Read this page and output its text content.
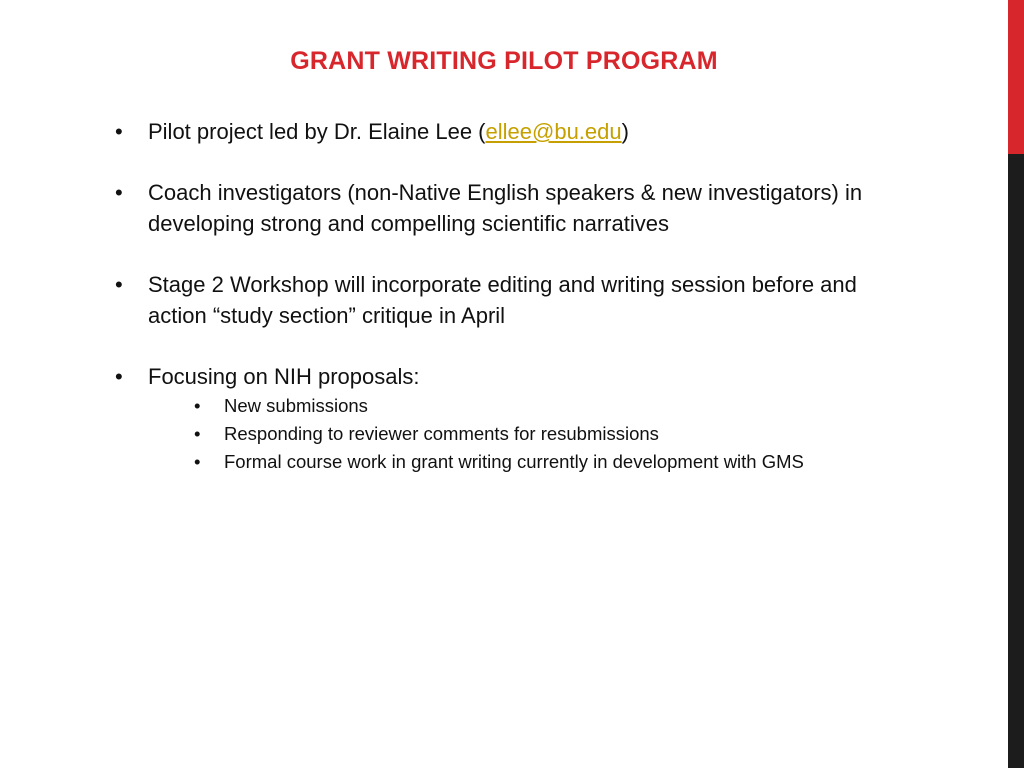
GRANT WRITING PILOT PROGRAM
• Pilot project led by Dr. Elaine Lee (ellee@bu.edu)
• Coach investigators (non-Native English speakers & new investigators) in developing strong and compelling scientific narratives
• Stage 2 Workshop will incorporate editing and writing session before and action “study section” critique in April
• Focusing on NIH proposals:
• New submissions
• Responding to reviewer comments for resubmissions
• Formal course work in grant writing currently in development with GMS
